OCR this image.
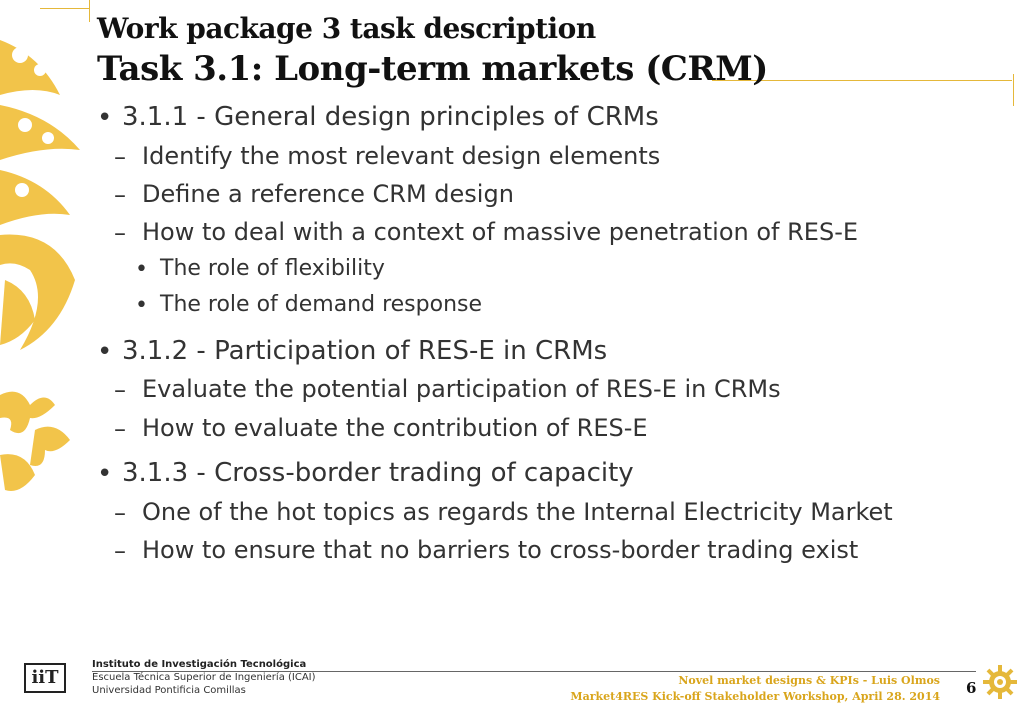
Work package 3 task description
Task 3.1: Long-term markets (CRM)
• 3.1.1 - General design principles of CRMs
– Identify the most relevant design elements
– Define a reference CRM design
– How to deal with a context of massive penetration of RES-E
• The role of flexibility
• The role of demand response
• 3.1.2 - Participation of RES-E in CRMs
– Evaluate the potential participation of RES-E in CRMs
– How to evaluate the contribution of RES-E
• 3.1.3 - Cross-border trading of capacity
– One of the hot topics as regards the Internal Electricity Market
– How to ensure that no barriers to cross-border trading exist
iiT
Instituto de Investigación Tecnológica
Escuela Técnica Superior de Ingeniería (ICAI)
Universidad Pontificia Comillas
Novel market designs & KPIs - Luis Olmos
Market4RES Kick-off Stakeholder Workshop, April 28. 2014 6
